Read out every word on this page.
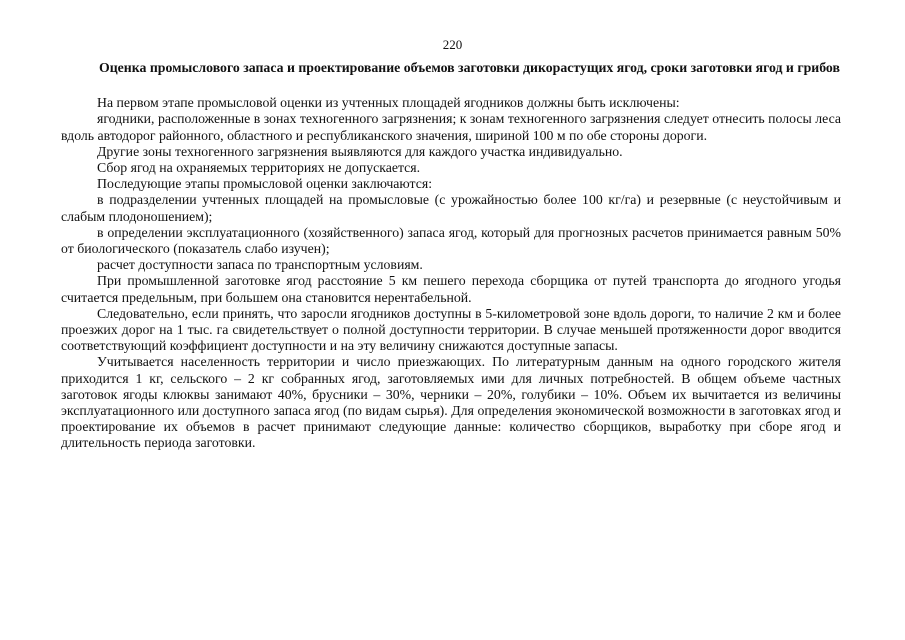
220

Оценка промыслового запаса и проектирование объемов заготовки дикорастущих ягод, сроки заготовки ягод и грибов

На первом этапе промысловой оценки из учтенных площадей ягодников должны быть исключены:

ягодники, расположенные в зонах техногенного загрязнения; к зонам техногенного загрязнения следует отнесить полосы леса вдоль автодорог районного, областного и республиканского значения, шириной 100 м по обе стороны дороги.

Другие зоны техногенного загрязнения выявляются для каждого участка индивидуально.

Сбор ягод на охраняемых территориях не допускается.

Последующие этапы промысловой оценки заключаются:

в подразделении учтенных площадей на промысловые (с урожайностью более 100 кг/га) и резервные (с неустойчивым и слабым плодоношением);

в определении эксплуатационного (хозяйственного) запаса ягод, который для прогнозных расчетов принимается равным 50% от биологического (показатель слабо изучен);

расчет доступности запаса по транспортным условиям.

При промышленной заготовке ягод расстояние 5 км пешего перехода сборщика от путей транспорта до ягодного угодья считается предельным, при большем она становится нерентабельной.

Следовательно, если принять, что заросли ягодников доступны в 5-километровой зоне вдоль дороги, то наличие 2 км и более проезжих дорог на 1 тыс. га свидетельствует о полной доступности территории. В случае меньшей протяженности дорог вводится соответствующий коэффициент доступности и на эту величину снижаются доступные запасы.

Учитывается населенность территории и число приезжающих. По литературным данным на одного городского жителя приходится 1 кг, сельского – 2 кг собранных ягод, заготовляемых ими для личных потребностей. В общем объеме частных заготовок ягоды клюквы занимают 40%, брусники – 30%, черники – 20%, голубики – 10%. Объем их вычитается из величины эксплуатационного или доступного запаса ягод (по видам сырья). Для определения экономической возможности в заготовках ягод и проектирование их объемов в расчет принимают следующие данные: количество сборщиков, выработку при сборе ягод и длительность периода заготовки.
